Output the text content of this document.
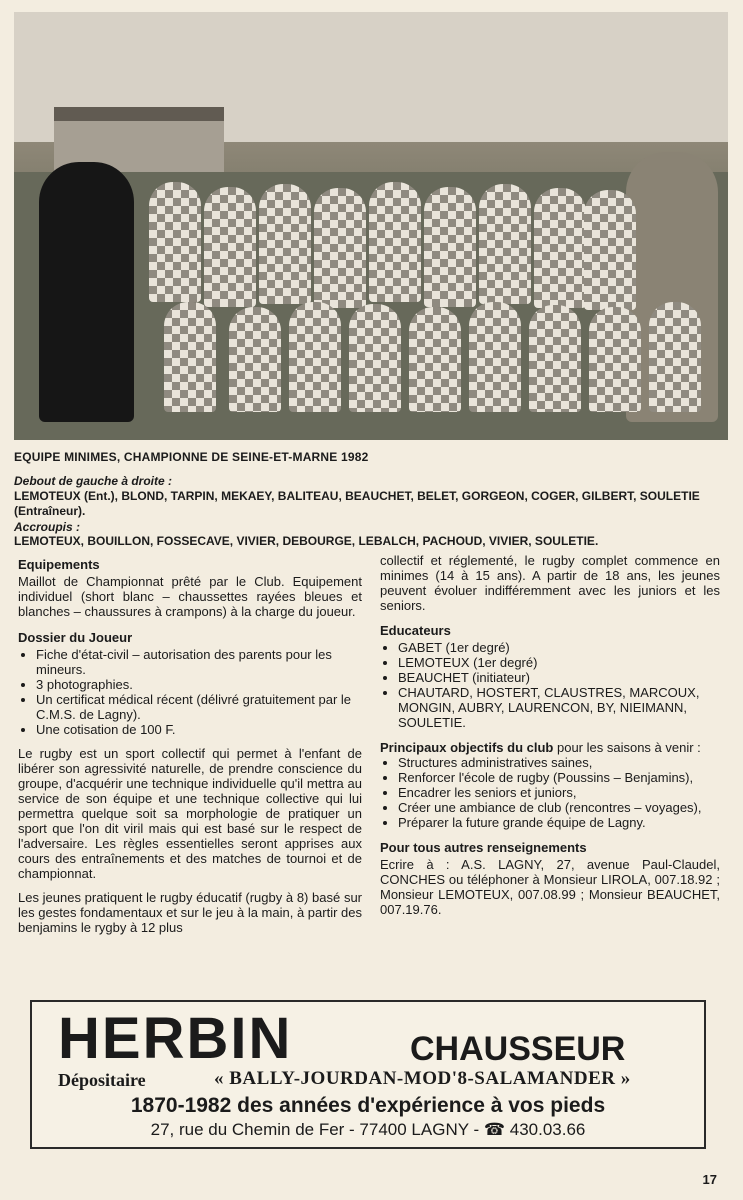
EQUIPE MINIMES, CHAMPIONNE DE SEINE-ET-MARNE 1982
Debout de gauche à droite :
LEMOTEUX (Ent.), BLOND, TARPIN, MEKAEY, BALITEAU, BEAUCHET, BELET, GORGEON, COGER, GILBERT, SOULETIE (Entraîneur).
Accroupis :
LEMOTEUX, BOUILLON, FOSSECAVE, VIVIER, DEBOURGE, LEBALCH, PACHOUD, VIVIER, SOULETIE.
Equipements

Maillot de Championnat prêté par le Club. Equipement individuel (short blanc – chaussettes rayées bleues et blanches – chaussures à crampons) à la charge du joueur.

Dossier du Joueur
• Fiche d'état-civil – autorisation des parents pour les mineurs.
• 3 photographies.
• Un certificat médical récent (délivré gratuitement par le C.M.S. de Lagny).
• Une cotisation de 100 F.

Le rugby est un sport collectif qui permet à l'enfant de libérer son agressivité naturelle, de prendre conscience du groupe, d'acquérir une technique individuelle qu'il mettra au service de son équipe et une technique collective qui lui permettra quelque soit sa morphologie de pratiquer un sport que l'on dit viril mais qui est basé sur le respect de l'adversaire. Les règles essentielles seront apprises aux cours des entraînements et des matches de tournoi et de championnat.

Les jeunes pratiquent le rugby éducatif (rugby à 8) basé sur les gestes fondamentaux et sur le jeu à la main, à partir des benjamins le rygby à 12 plus

collectif et réglementé, le rugby complet commence en minimes (14 à 15 ans). A partir de 18 ans, les jeunes peuvent évoluer indifféremment avec les juniors et les seniors.

Educateurs
• GABET (1er degré)
• LEMOTEUX (1er degré)
• BEAUCHET (initiateur)
• CHAUTARD, HOSTERT, CLAUSTRES, MARCOUX, MONGIN, AUBRY, LAURENCON, BY, NIEIMANN, SOULETIE.

Principaux objectifs du club pour les saisons à venir :

• Structures administratives saines,
• Renforcer l'école de rugby (Poussins – Benjamins),
• Encadrer les seniors et juniors,
• Créer une ambiance de club (rencontres – voyages),
• Préparer la future grande équipe de Lagny.
Pour tous autres renseignements

Ecrire à : A.S. LAGNY, 27, avenue Paul-Claudel, CONCHES ou téléphoner à Monsieur LIROLA, 007.18.92 ; Monsieur LEMOTEUX, 007.08.99 ; Monsieur BEAUCHET, 007.19.76.

HERBIN	CHAUSSEUR
Dépositaire	« BALLY-JOURDAN-MOD'8-SALAMANDER »
1870-1982 des années d'expérience à vos pieds
27, rue du Chemin de Fer - 77400 LAGNY - ☎ 430.03.66
17
